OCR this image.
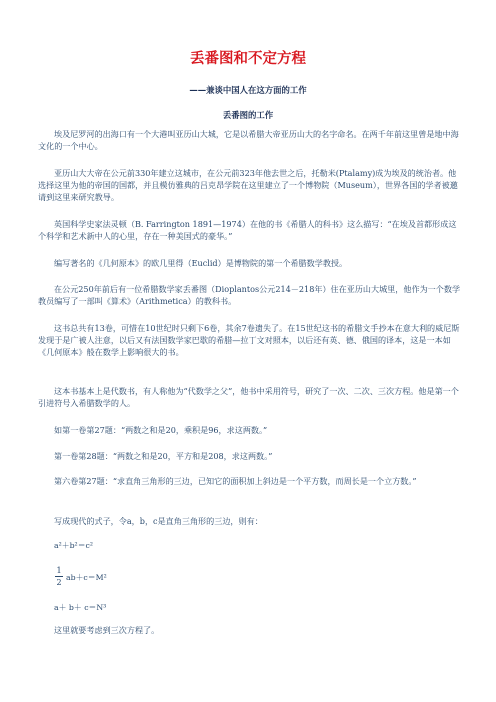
丢番图和不定方程
——兼谈中国人在这方面的工作
丢番图的工作

埃及尼罗河的出海口有一个大港叫亚历山大城，它是以希腊大帝亚历山大的名字命名。在两千年前这里曾是地中海文化的一个中心。

亚历山大大帝在公元前330年建立这城市，在公元前323年他去世之后，托勒米(Ptalamy)成为埃及的统治者。他选择这里为他的帝国的国都，并且模仿雅典的吕克昂学院在这里建立了一个博物院（Museum），世界各国的学者被邀请到这里来研究教导。

英国科学史家法灵顿（B. Farrington 1891—1974）在他的书《希腊人的科书》这么描写：“在埃及首都形成这个科学和艺术新中人的心里，存在一种美国式的豪华。”

编写著名的《几何原本》的欧几里得（Euclid）是博物院的第一个希腊数学教授。

在公元250年前后有一位希腊数学家丢番图（Dioplantos公元214－218年）住在亚历山大城里，他作为一个数学教员编写了一部叫《算术》（Arithmetica）的教科书。

这书总共有13卷，可惜在10世纪时只剩下6卷，其余7卷遗失了。在15世纪这书的希腊文手抄本在意大利的威尼斯发现于是广被人注意，以后又有法国数学家巴歇的希腊—拉丁文对照本，以后还有英、德、俄国的译本，这是一本如《几何原本》般在数学上影响很大的书。

这本书基本上是代数书，有人称他为“代数学之父”，他书中采用符号，研究了一次、二次、三次方程。他是第一个引进符号入希腊数学的人。

如第一卷第27题：“两数之和是20，乘积是96，求这两数。”

第一卷第28题：“两数之和是20，平方和是208，求这两数。”

第六卷第27题：“求直角三角形的三边，已知它的面积加上斜边是一个平方数，而周长是一个立方数。”

写成现代的式子，令a，b，c是直角三角形的三边，则有：

a²＋b²＝c²
1
2
ab＋c＝M²
a＋ b＋ c＝N³

这里就要考虑到三次方程了。
